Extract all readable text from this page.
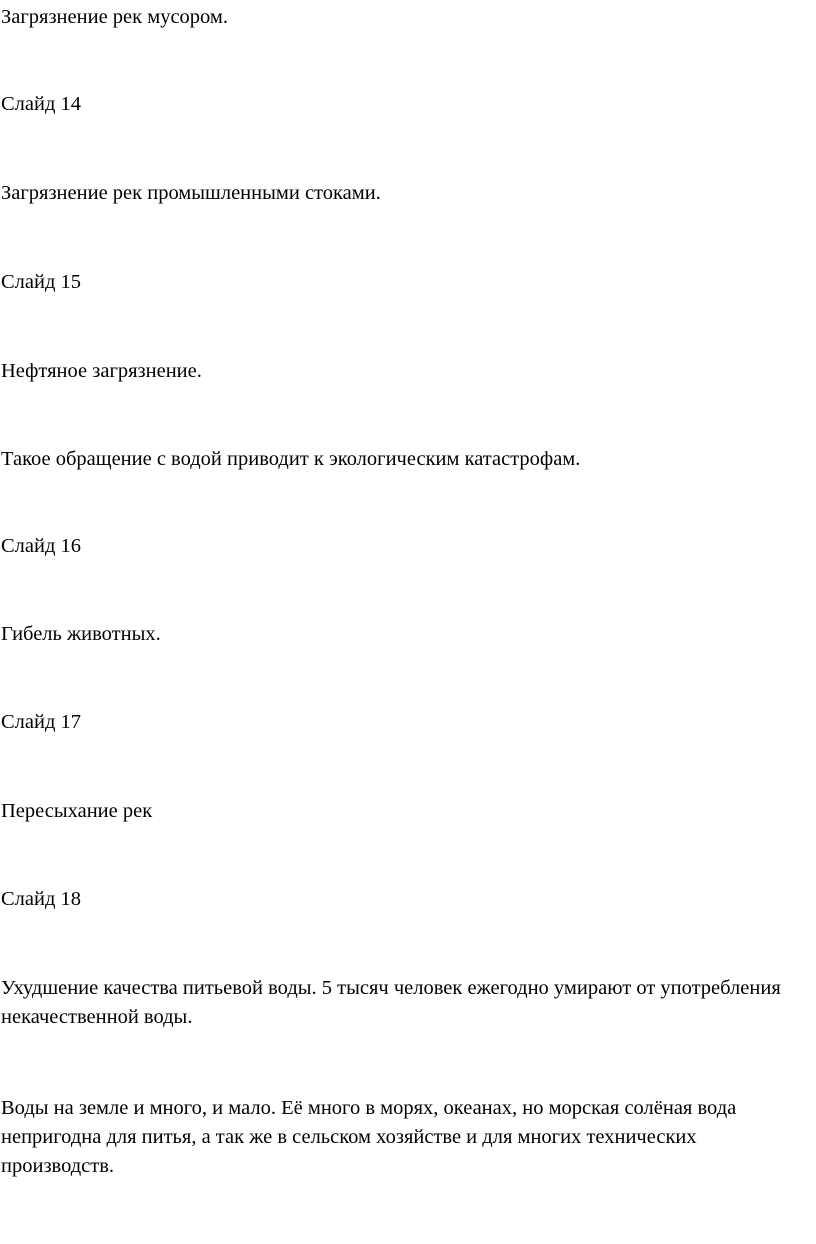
Загрязнение рек мусором.

Слайд 14

Загрязнение рек промышленными стоками.

Слайд 15

Нефтяное загрязнение.

Такое обращение с водой приводит к экологическим катастрофам.

Слайд 16

Гибель животных.

Слайд 17

Пересыхание рек

Слайд 18

Ухудшение качества питьевой воды. 5 тысяч человек ежегодно умирают от употребления некачественной воды.

Воды на земле и много, и мало. Её много в морях, океанах, но морская солёная вода непригодна для питья, а так же в сельском хозяйстве и для многих технических производств.
